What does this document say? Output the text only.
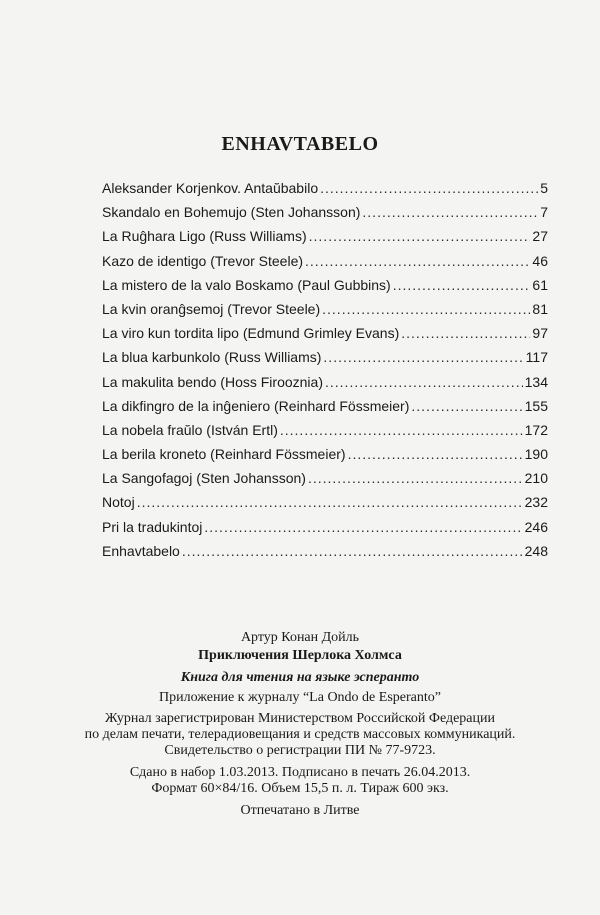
ENHAVTABELO
Aleksander Korjenkov. Antaŭbabilo .....	5
Skandalo en Bohemujo (Sten Johansson) .....	7
La Ruĝhara Ligo (Russ Williams) .....	27
Kazo de identigo (Trevor Steele) .....	46
La mistero de la valo Boskamo (Paul Gubbins) .....	61
La kvin oranĝsemoj (Trevor Steele) .....	81
La viro kun tordita lipo (Edmund Grimley Evans) .....	97
La blua karbunkolo (Russ Williams) .....	117
La makulita bendo (Hoss Firooznia) .....	134
La dikfingro de la inĝeniero (Reinhard Fössmeier) .....	155
La nobela fraŭlo (István Ertl) .....	172
La berila kroneto (Reinhard Fössmeier) .....	190
La Sangofagoj (Sten Johansson) .....	210
Notoj .....	232
Pri la tradukintoj .....	246
Enhavtabelo .....	248
Артур Конан Дойль
Приключения Шерлока Холмса
Книга для чтения на языке эсперанто
Приложение к журналу “La Ondo de Esperanto”
Журнал зарегистрирован Министерством Российской Федерации
по делам печати, телерадиовещания и средств массовых коммуникаций.
Свидетельство о регистрации ПИ № 77-9723.
Сдано в набор 1.03.2013. Подписано в печать 26.04.2013.
Формат 60×84/16. Объем 15,5 п. л. Тираж 600 экз.
Отпечатано в Литве
